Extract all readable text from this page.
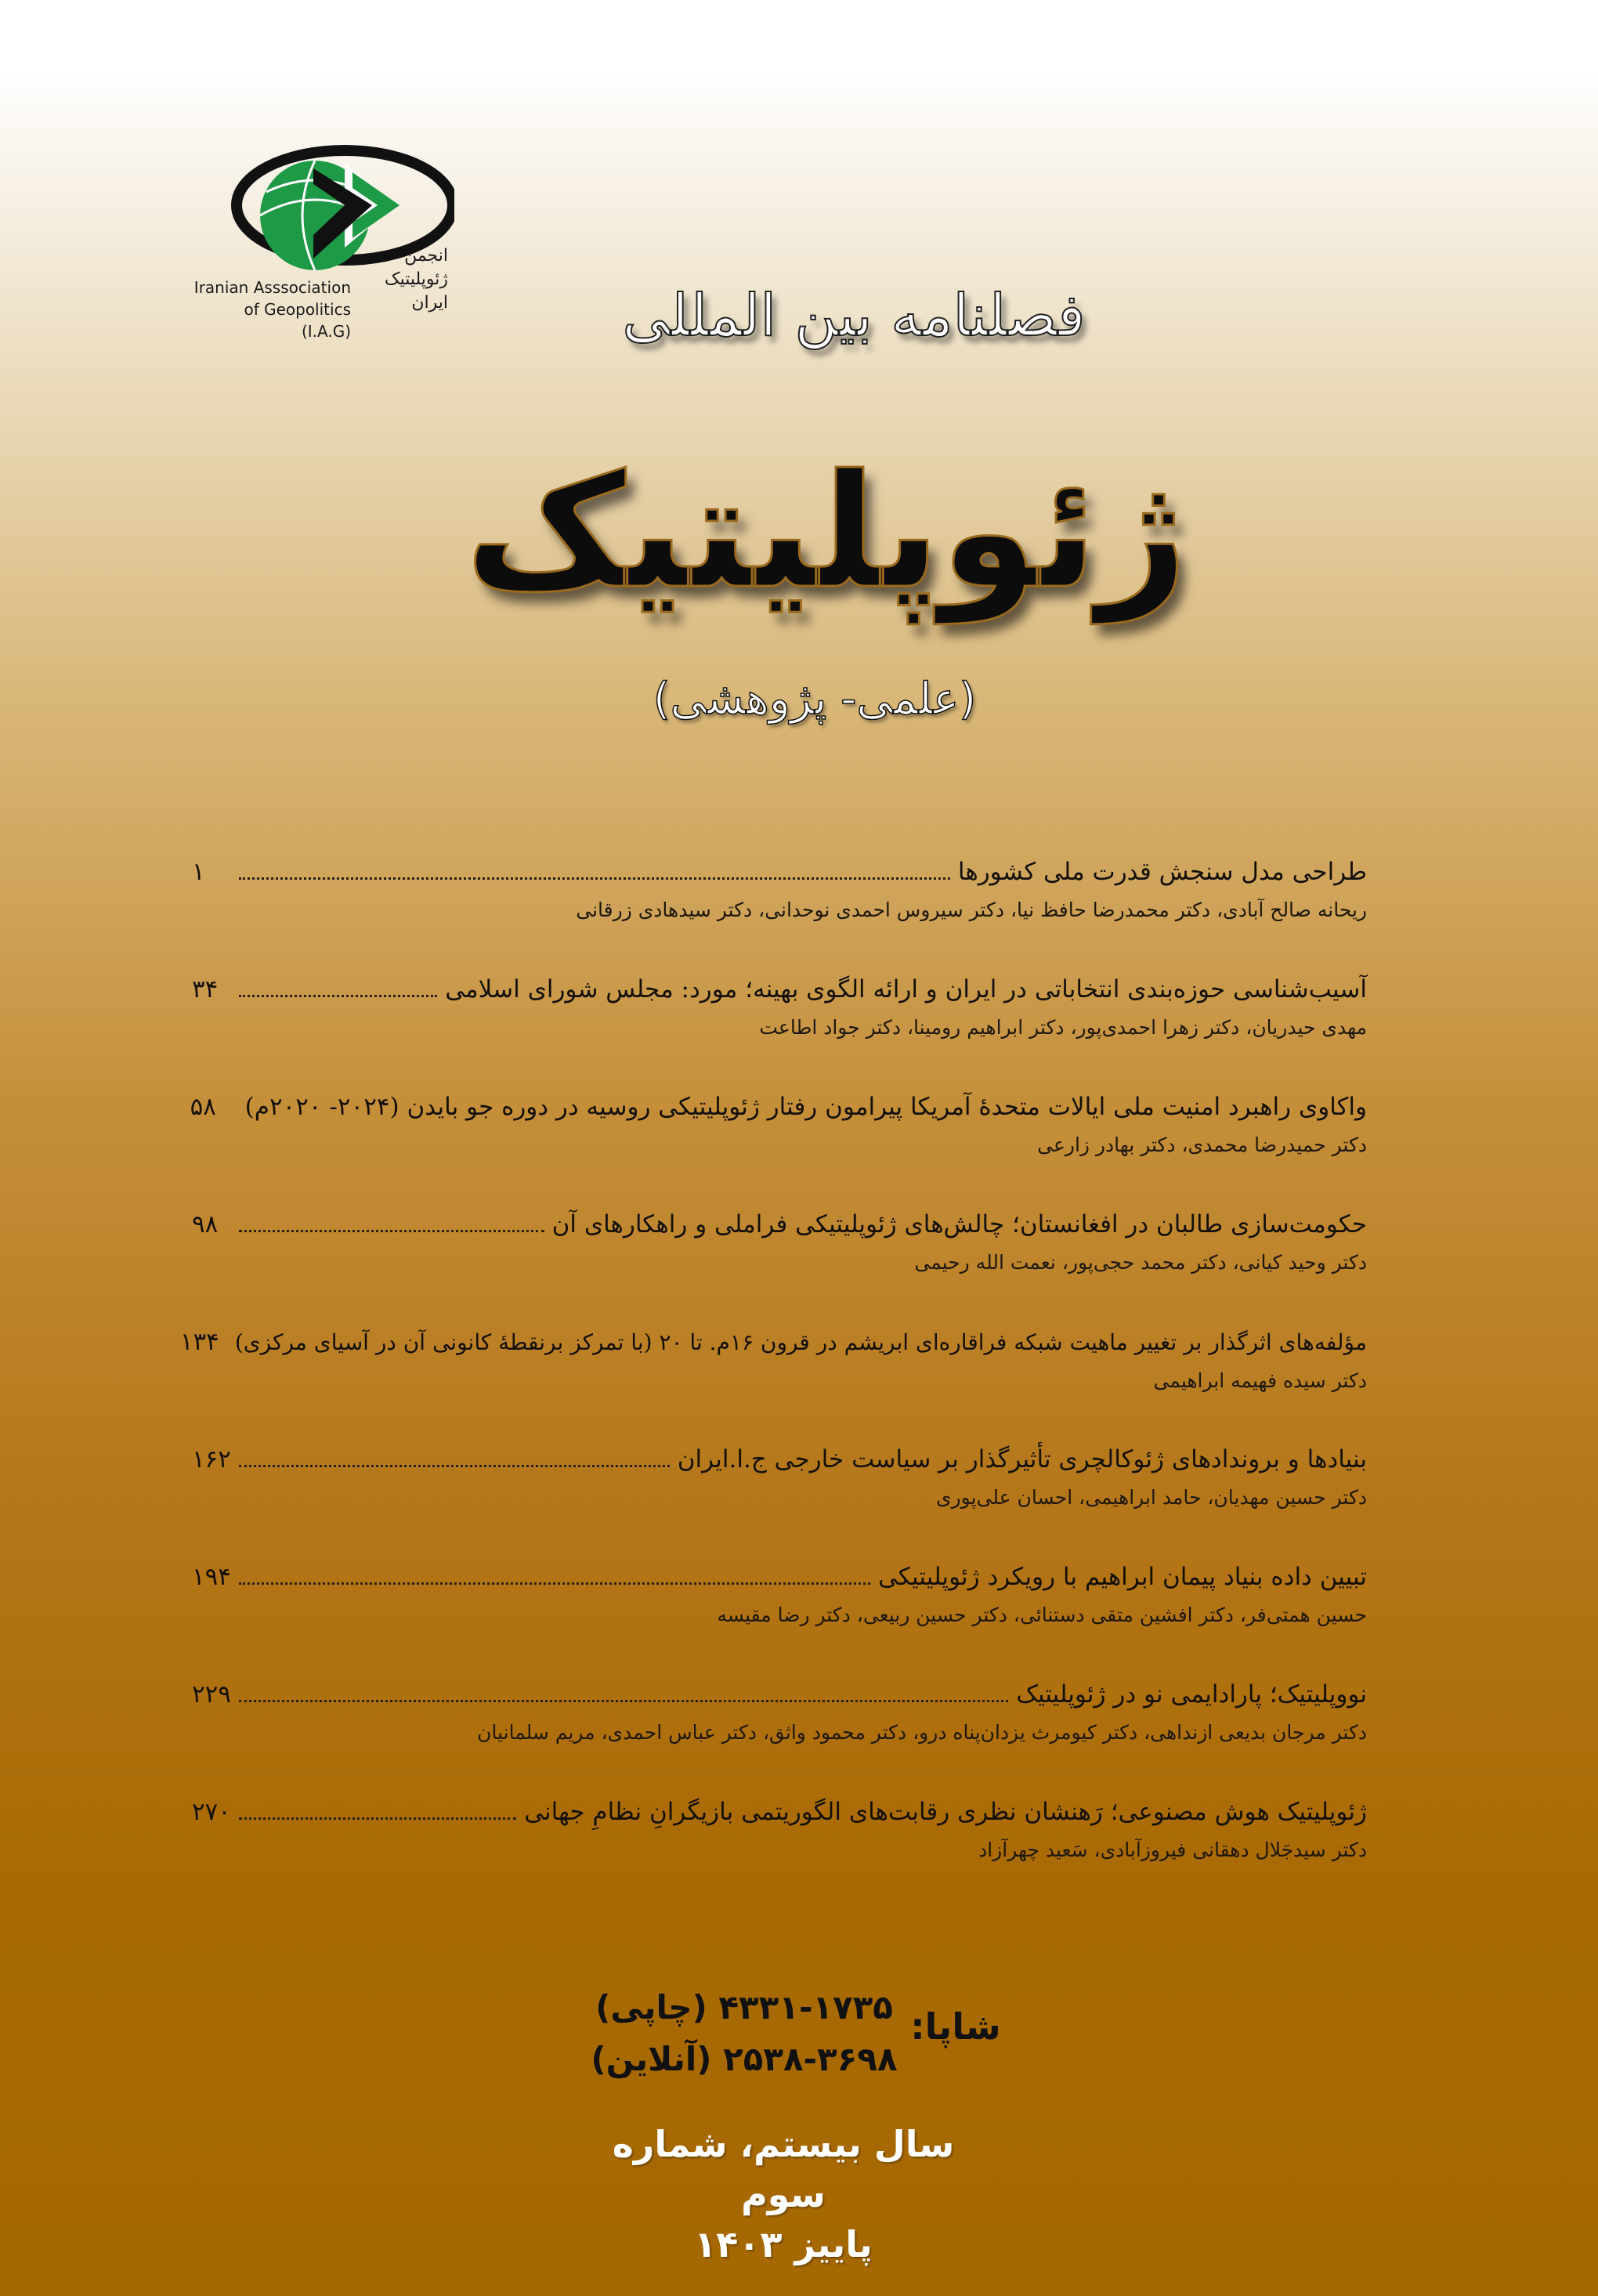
Iranian Asssociation
of Geopolitics
(I.A.G)
انجمن
ژئوپلیتیک
ایران	فصلنامه بین المللی
ژئوپلیتیک
(علمی- پژوهشی)
طراحی مدل سنجش قدرت ملی کشورها
۱
ریحانه صالح آبادی، دکتر محمدرضا حافظ نیا، دکتر سیروس احمدی نوحدانی، دکتر سیدهادی زرقانی
آسیب‌شناسی حوزه‌بندی انتخاباتی در ایران و ارائه الگوی بهینه؛ مورد: مجلس شورای اسلامی
۳۴
مهدی حیدریان، دکتر زهرا احمدی‌پور، دکتر ابراهیم رومینا، دکتر جواد اطاعت
واکاوی راهبرد امنیت ملی ایالات متحدهٔ آمریکا پیرامون رفتار ژئوپلیتیکی روسیه در دوره جو بایدن (۲۰۲۴- ۲۰۲۰م)
۵۸
دکتر حمیدرضا محمدی، دکتر بهادر زارعی
حکومت‌سازی طالبان در افغانستان؛ چالش‌های ژئوپلیتیکی فراملی و راهکارهای آن
۹۸
دکتر وحید کیانی، دکتر محمد حجی‌پور، نعمت الله رحیمی
مؤلفه‌های اثرگذار بر تغییر ماهیت شبکه فراقاره‌ای ابریشم در قرون ۱۶م. تا ۲۰ (با تمرکز برنقطهٔ کانونی آن در آسیای مرکزی)
۱۳۴
دکتر سیده فهیمه ابراهیمی
بنیادها و بروندادهای ژئوکالچری تأثیرگذار بر سیاست خارجی ج.ا.ایران
۱۶۲
دکتر حسین مهدیان، حامد ابراهیمی، احسان علی‌پوری
تبیین داده بنیاد پیمان ابراهیم با رویکرد ژئوپلیتیکی
۱۹۴
حسین همتی‌فر، دکتر افشین متقی دستنائی، دکتر حسین ربیعی، دکتر رضا مقیسه
نووپلیتیک؛ پارادایمی نو در ژئوپلیتیک
۲۲۹
دکتر مرجان بدیعی ازنداهی، دکتر کیومرث یزدان‌پناه درو، دکتر محمود واثق، دکتر عباس احمدی، مریم سلمانیان
ژئوپلیتیک هوش مصنوعی؛ رَهنشان نظری رقابت‌های الگوریتمی بازیگرانِ نظامِ جهانی
۲۷۰
دکتر سیدجَلال دهقانی فیروزآبادی، سَعید چهرآزاد
شاپا:
۴۳۳۱-۱۷۳۵ (چاپی)
۲۵۳۸-۳۶۹۸ (آنلاین)
سال بیستم، شماره سوم
پاییز ۱۴۰۳
